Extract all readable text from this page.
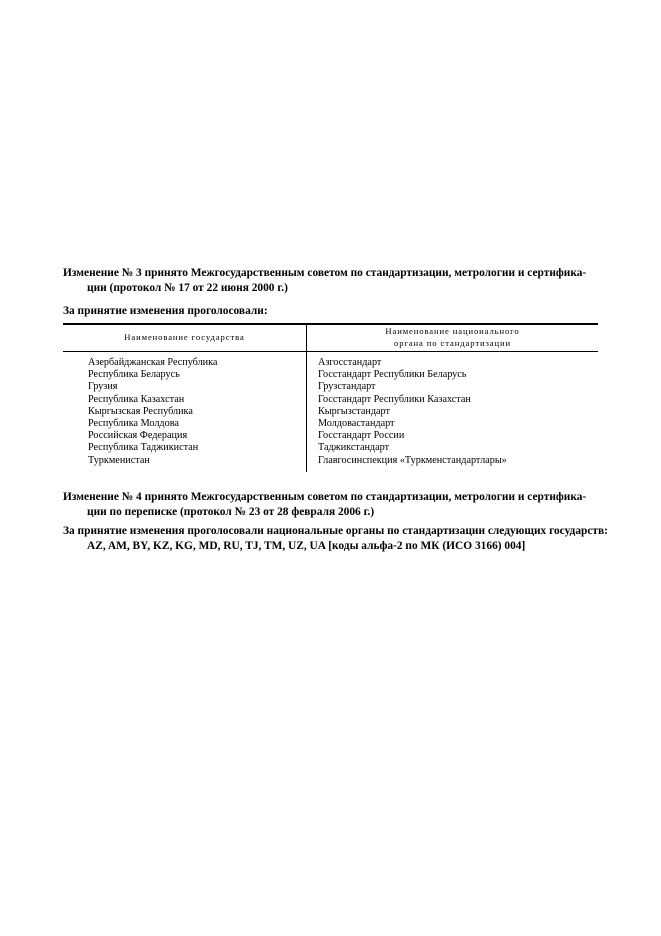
Изменение № 3 принято Межгосударственным советом по стандартизации, метрологии и сертифика-
ции (протокол № 17 от 22 июня 2000 г.)
За принятие изменения проголосовали:
Наименование государства
Наименование национального
органа по стандартизации
Азербайджанская Республика
Республика Беларусь
Грузия
Республика Казахстан
Кыргызская Республика
Республика Молдова
Российская Федерация
Республика Таджикистан
Туркменистан
Азгосстандарт
Госстандарт Республики Беларусь
Грузстандарт
Госстандарт Республики Казахстан
Кыргызстандарт
Молдовастандарт
Госстандарт России
Таджикстандарт
Главгосинспекция «Туркменстандартлары»
Изменение № 4 принято Межгосударственным советом по стандартизации, метрологии и сертифика-
ции по переписке (протокол № 23 от 28 февраля 2006 г.)
За принятие изменения проголосовали национальные органы по стандартизации следующих государств:
AZ, AM, BY, KZ, KG, MD, RU, TJ, TM, UZ, UA [коды альфа-2 по МК (ИСО 3166) 004]
